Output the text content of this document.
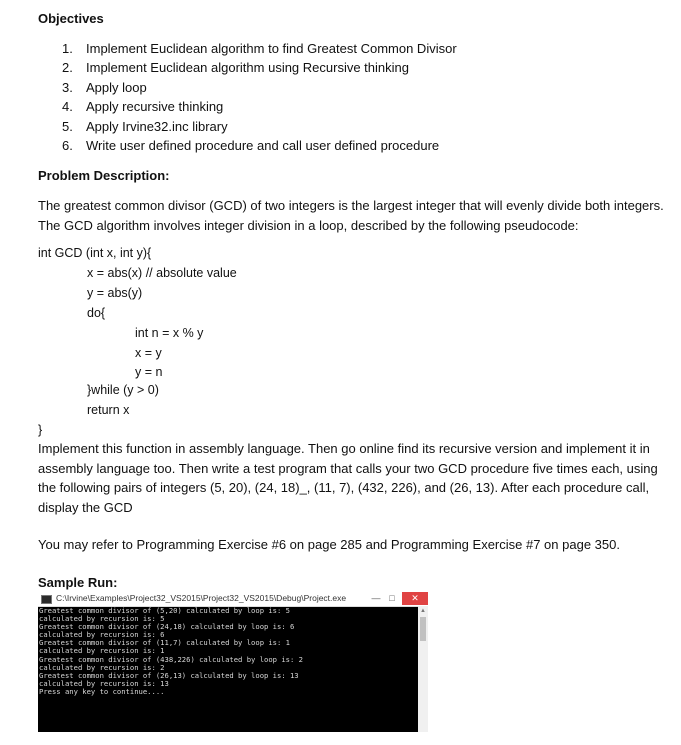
Objectives
1. Implement Euclidean algorithm to find Greatest Common Divisor
2. Implement Euclidean algorithm using Recursive thinking
3. Apply loop
4. Apply recursive thinking
5. Apply Irvine32.inc library
6. Write user defined procedure and call user defined procedure
Problem Description:
The greatest common divisor (GCD) of two integers is the largest integer that will evenly divide both integers. The GCD algorithm involves integer division in a loop, described by the following pseudocode:
int GCD (int x, int y){
x = abs(x) // absolute value
y = abs(y)
do{
int n = x % y
x = y
y = n
}while (y > 0)
return x
}
Implement this function in assembly language. Then go online find its recursive version and implement it in assembly language too. Then write a test program that calls your two GCD procedure five times each, using the following pairs of integers (5, 20), (24, 18)_, (11, 7), (432, 226), and (26, 13). After each procedure call, display the GCD
You may refer to Programming Exercise #6 on page 285 and Programming Exercise #7 on page 350.
Sample Run:
C:\Irvine\Examples\Project32_VS2015\Project32_VS2015\Debug\Project.exe	— □	✕
Greatest common divisor of (5,20) calculated by loop is: 5
calculated by recursion is: 5
Greatest common divisor of (24,18) calculated by loop is: 6
calculated by recursion is: 6
Greatest common divisor of (11,7) calculated by loop is: 1
calculated by recursion is: 1
Greatest common divisor of (438,226) calculated by loop is: 2
calculated by recursion is: 2
Greatest common divisor of (26,13) calculated by loop is: 13
calculated by recursion is: 13
Press any key to continue....
▲
